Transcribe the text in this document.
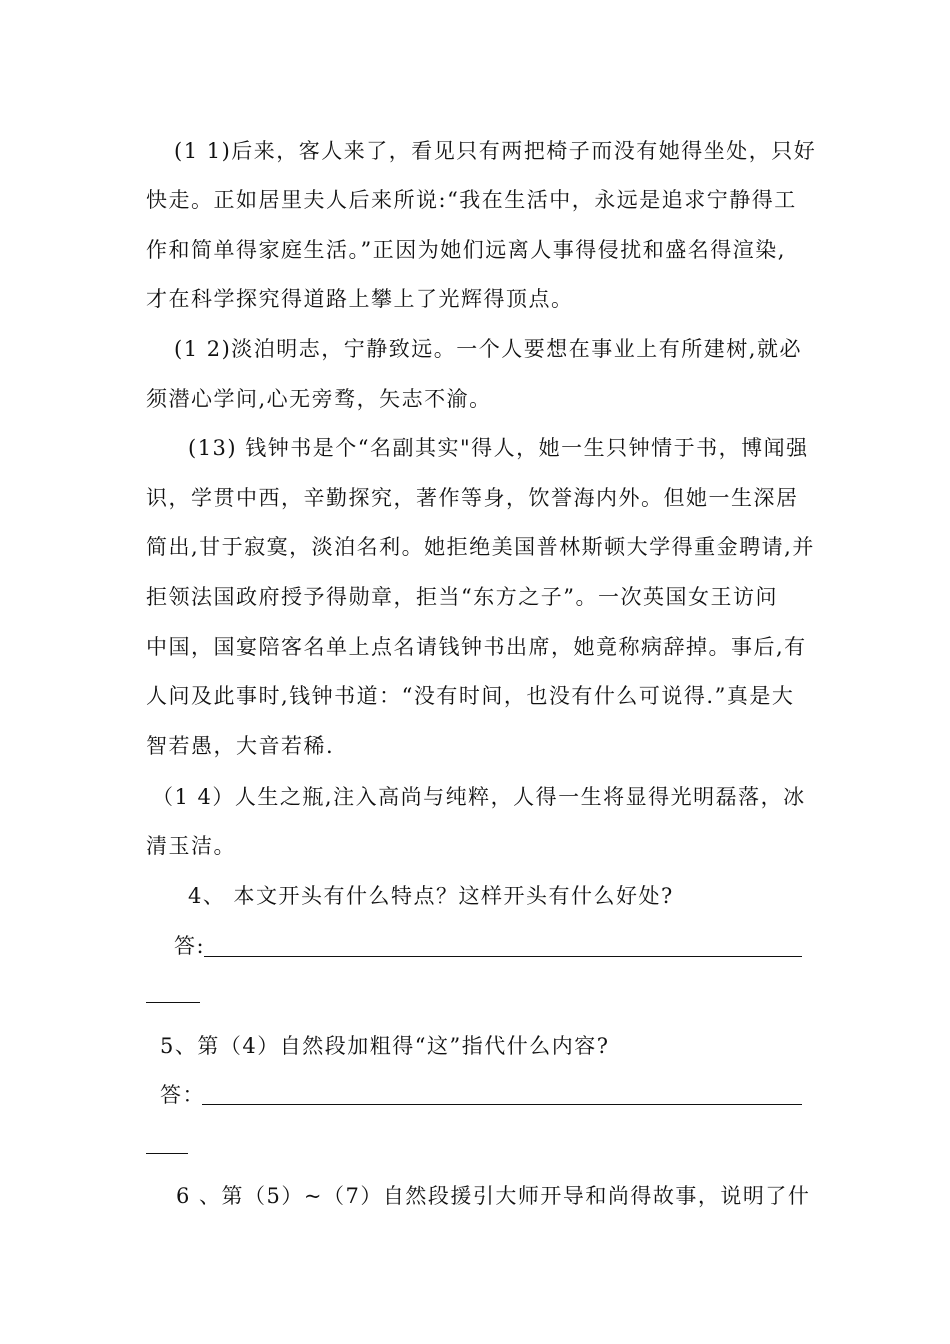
(1 1)后来，客人来了，看见只有两把椅子而没有她得坐处，只好
快走。正如居里夫人后来所说:“我在生活中，永远是追求宁静得工
作和简单得家庭生活。”正因为她们远离人事得侵扰和盛名得渲染,
才在科学探究得道路上攀上了光辉得顶点。
(1 2)淡泊明志，宁静致远。一个人要想在事业上有所建树,就必
须潜心学问,心无旁骛，矢志不渝。
(13) 钱钟书是个“名副其实"得人，她一生只钟情于书，博闻强
识，学贯中西，辛勤探究，著作等身，饮誉海内外。但她一生深居
简出,甘于寂寞，淡泊名利。她拒绝美国普林斯顿大学得重金聘请,并
拒领法国政府授予得勋章，拒当“东方之子”。一次英国女王访问
中国，国宴陪客名单上点名请钱钟书出席，她竟称病辞掉。事后,有
人问及此事时,钱钟书道：“没有时间，也没有什么可说得.”真是大
智若愚，大音若稀.
（1 4）人生之瓶,注入高尚与纯粹，人得一生将显得光明磊落，冰
清玉洁。
4、 本文开头有什么特点？这样开头有什么好处?
答:
5、第（4）自然段加粗得“这”指代什么内容?
答：
6 、第（5）~（7）自然段援引大师开导和尚得故事，说明了什
